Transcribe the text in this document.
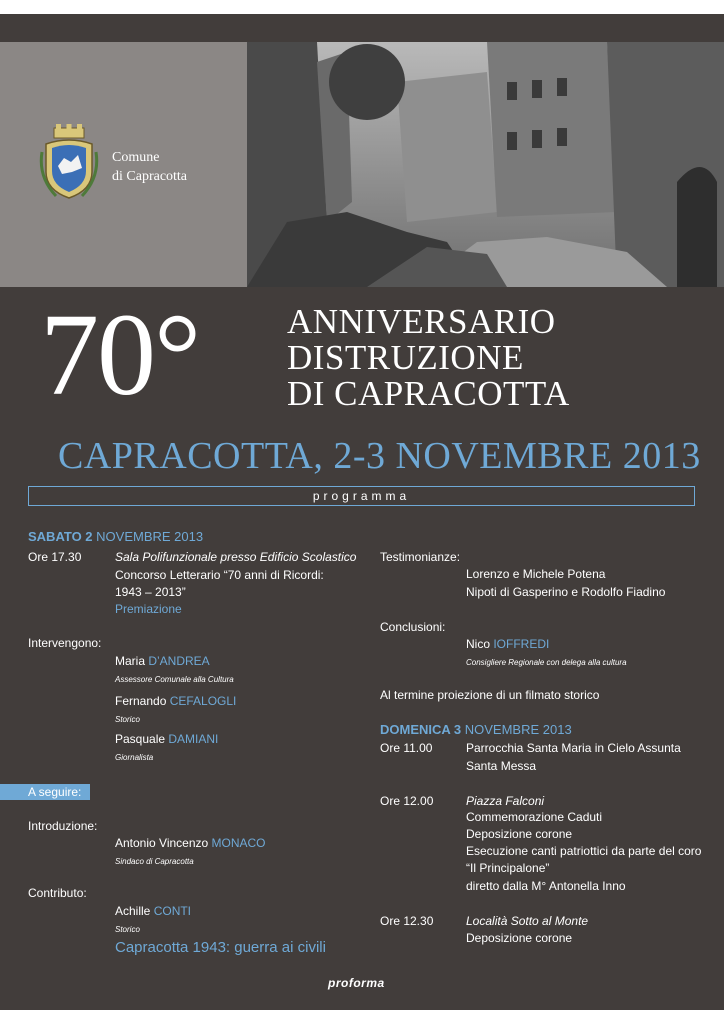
Comune
di Capracotta
70°	ANNIVERSARIO
DISTRUZIONE
DI CAPRACOTTA
CAPRACOTTA, 2-3 NOVEMBRE 2013
programma
SABATO 2 NOVEMBRE 2013
Ore 17.30	Sala Polifunzionale presso Edificio Scolastico
Concorso Letterario “70 anni di Ricordi:
1943 – 2013”
Premiazione
Intervengono:
Maria D’ANDREA
Assessore Comunale alla Cultura
Fernando CEFALOGLI
Storico
Pasquale DAMIANI
Giornalista
A seguire:
Introduzione:
Antonio Vincenzo MONACO
Sindaco di Capracotta
Contributo:
Achille CONTI
Storico
Capracotta 1943: guerra ai civili
Testimonianze:
Lorenzo e Michele Potena
Nipoti di Gasperino e Rodolfo Fiadino
Conclusioni:
Nico IOFFREDI
Consigliere Regionale con delega alla cultura
Al termine proiezione di un filmato storico
DOMENICA 3 NOVEMBRE 2013
Ore 11.00	Parrocchia Santa Maria in Cielo Assunta
Santa Messa
Ore 12.00	Piazza Falconi
Commemorazione Caduti
Deposizione corone
Esecuzione canti patriottici da parte del coro
“Il Principalone”
diretto dalla M° Antonella Inno
Ore 12.30	Località Sotto al Monte
Deposizione corone
proforma
